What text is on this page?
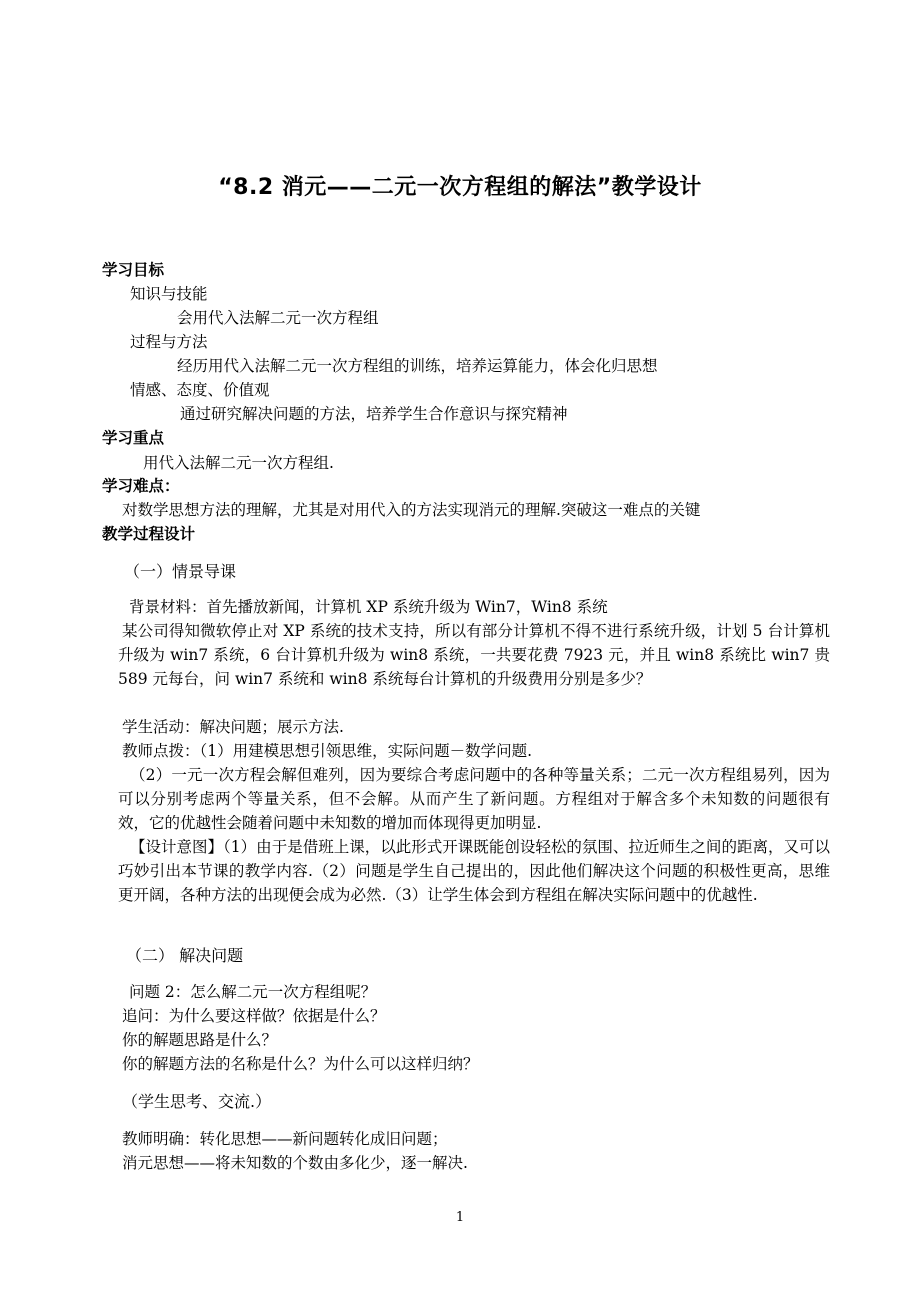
“8.2 消元——二元一次方程组的解法”教学设计
学习目标
知识与技能
会用代入法解二元一次方程组
过程与方法
经历用代入法解二元一次方程组的训练，培养运算能力，体会化归思想
情感、态度、价值观
通过研究解决问题的方法，培养学生合作意识与探究精神
学习重点
用代入法解二元一次方程组.
学习难点：
对数学思想方法的理解，尤其是对用代入的方法实现消元的理解.突破这一难点的关键
教学过程设计
（一）情景导课
背景材料：首先播放新闻，计算机 XP 系统升级为 Win7，Win8 系统
某公司得知微软停止对 XP 系统的技术支持，所以有部分计算机不得不进行系统升级，计划 5 台计算机升级为 win7 系统，6 台计算机升级为 win8 系统，一共要花费 7923 元，并且 win8 系统比 win7 贵 589 元每台，问 win7 系统和 win8 系统每台计算机的升级费用分别是多少？
学生活动：解决问题；展示方法.
教师点拨：（1）用建模思想引领思维，实际问题－数学问题.
（2）一元一次方程会解但难列，因为要综合考虑问题中的各种等量关系；二元一次方程组易列，因为可以分别考虑两个等量关系，但不会解。从而产生了新问题。方程组对于解含多个未知数的问题很有效，它的优越性会随着问题中未知数的增加而体现得更加明显.
【设计意图】（1）由于是借班上课，以此形式开课既能创设轻松的氛围、拉近师生之间的距离，又可以巧妙引出本节课的教学内容.（2）问题是学生自己提出的，因此他们解决这个问题的积极性更高，思维更开阔，各种方法的出现便会成为必然.（3）让学生体会到方程组在解决实际问题中的优越性.
（二） 解决问题
问题 2：怎么解二元一次方程组呢？
追问：为什么要这样做？依据是什么？
你的解题思路是什么？
你的解题方法的名称是什么？为什么可以这样归纳？
（学生思考、交流.）
教师明确：转化思想——新问题转化成旧问题；
消元思想——将未知数的个数由多化少，逐一解决.
1
